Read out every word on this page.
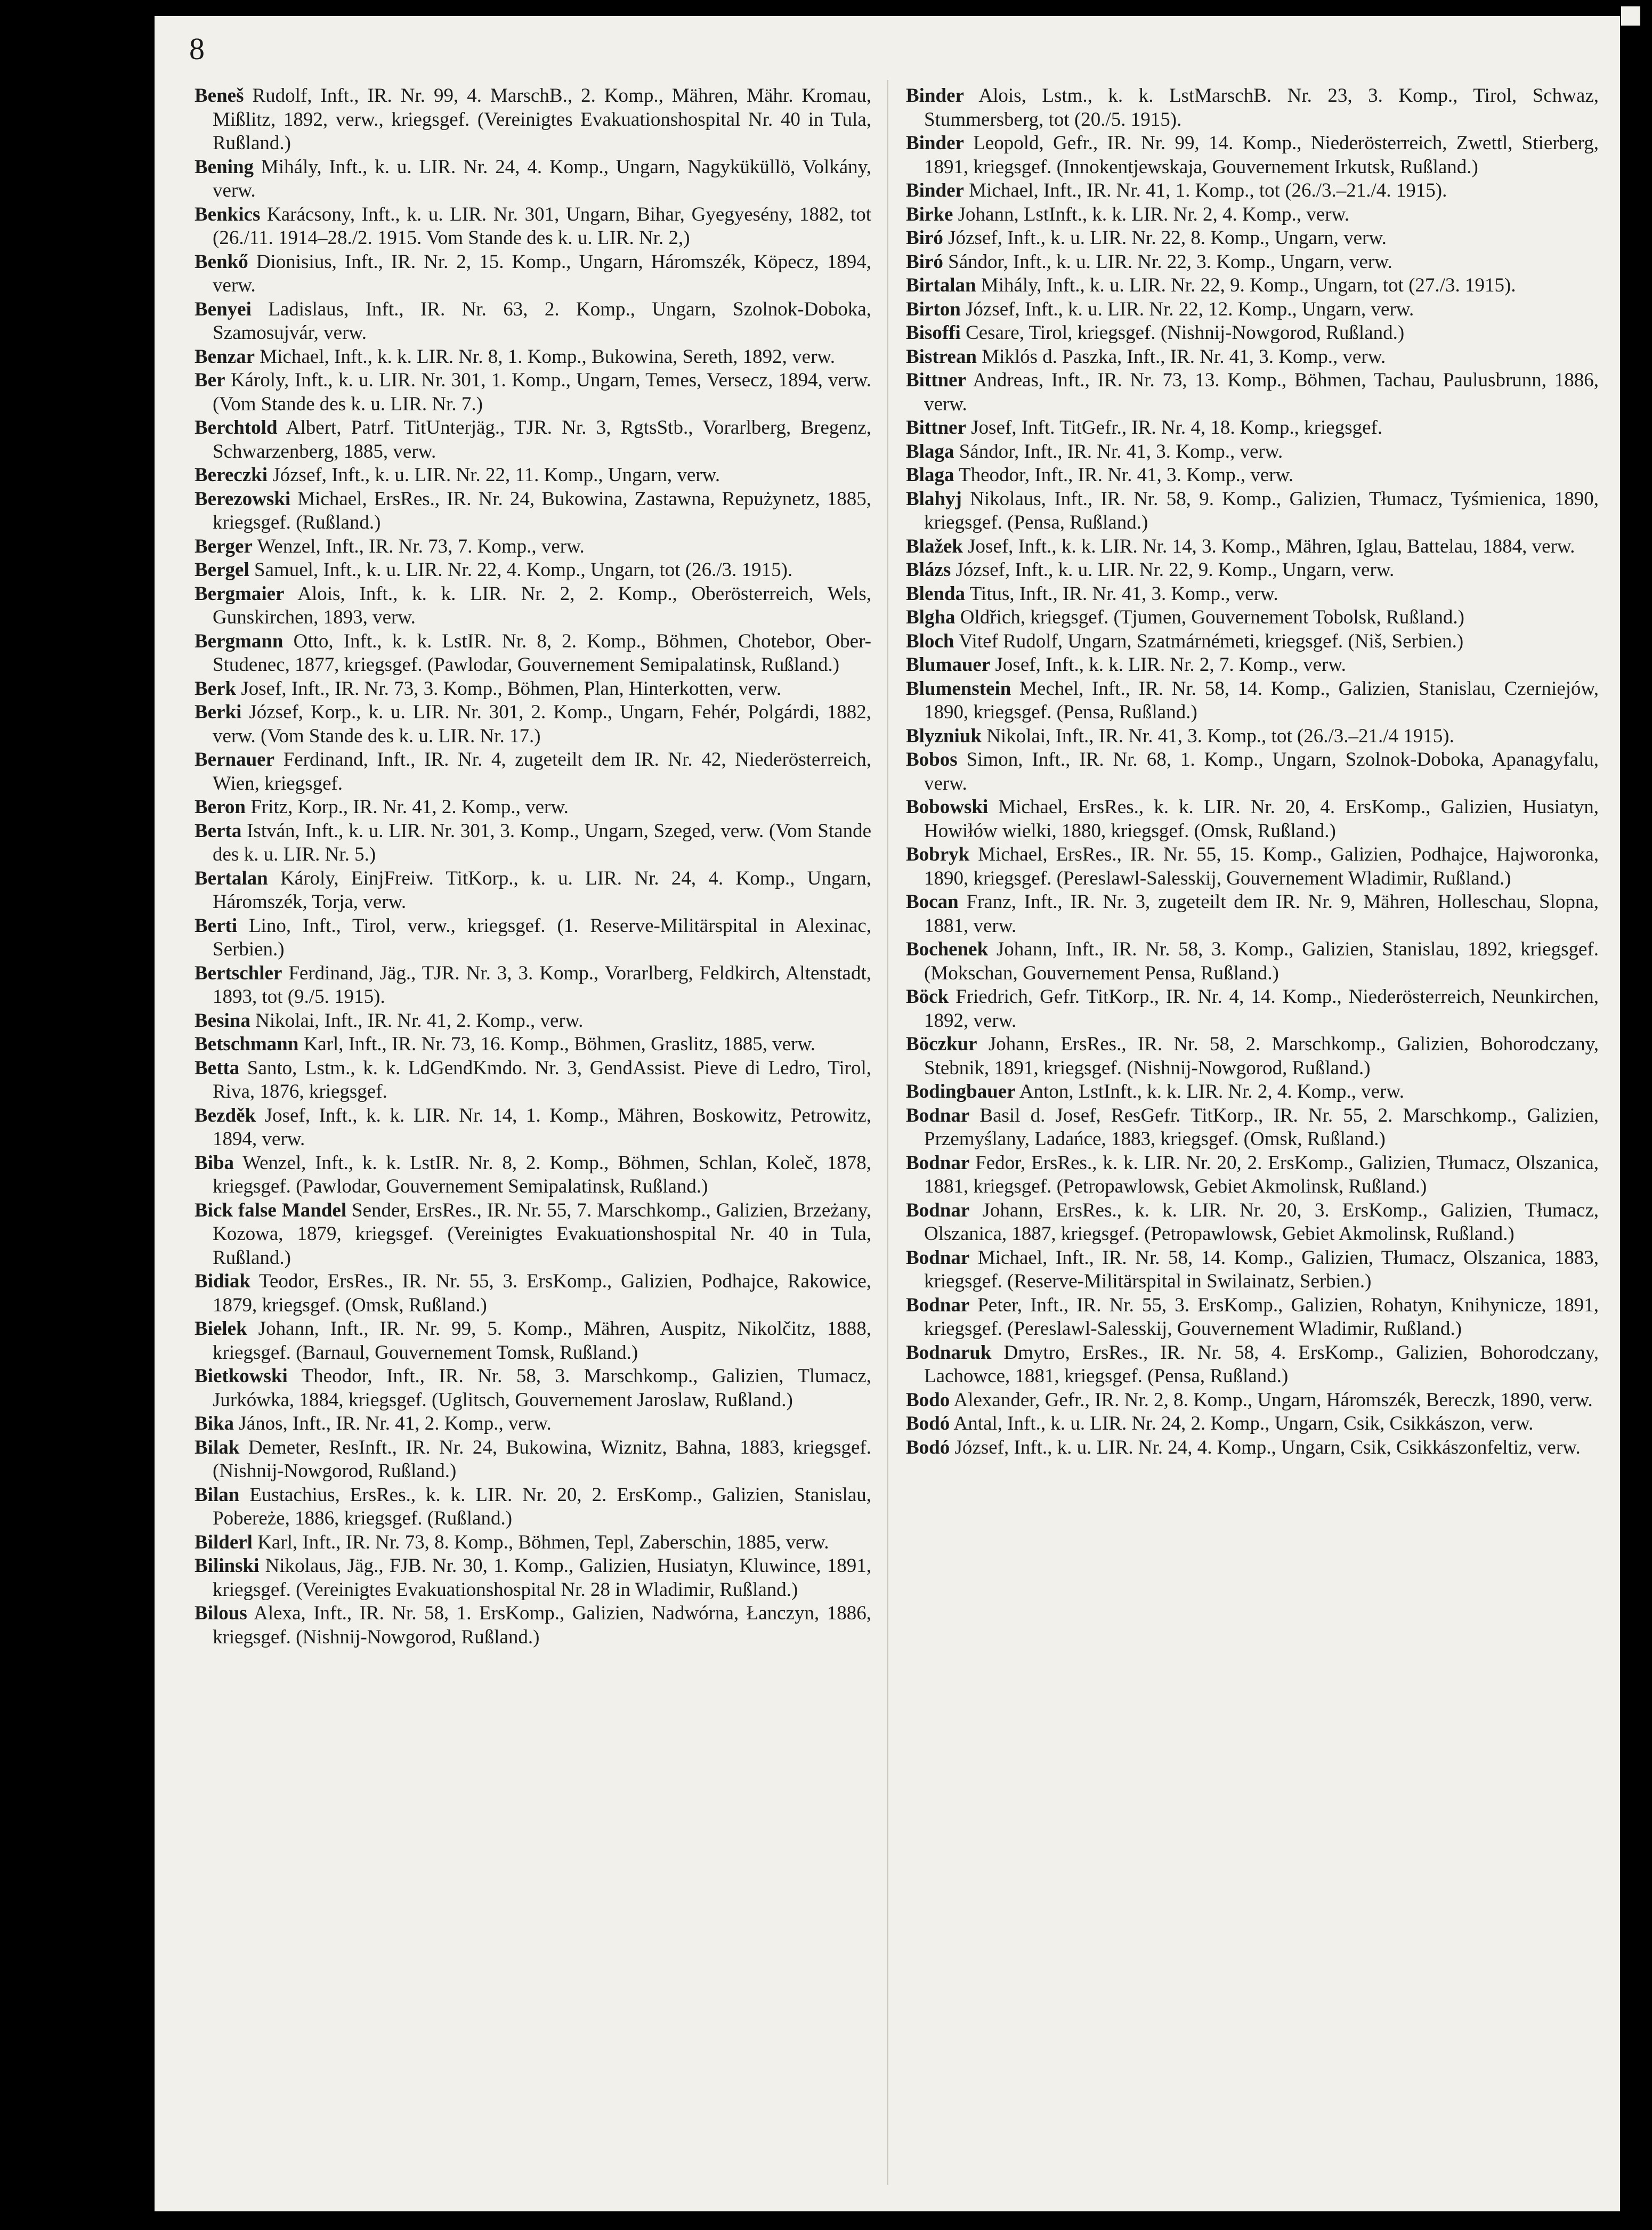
8

Beneš Rudolf, Inft., IR. Nr. 99, 4. MarschB., 2. Komp., Mähren, Mähr. Kromau, Mißlitz, 1892, verw., kriegsgef. (Vereinigtes Evakuationshospital Nr. 40 in Tula, Rußland.)

Bening Mihály, Inft., k. u. LIR. Nr. 24, 4. Komp., Ungarn, Nagyküküllö, Volkány, verw.

Benkics Karácsony, Inft., k. u. LIR. Nr. 301, Ungarn, Bihar, Gyegyesény, 1882, tot (26./11. 1914–28./2. 1915. Vom Stande des k. u. LIR. Nr. 2,)

Benkő Dionisius, Inft., IR. Nr. 2, 15. Komp., Ungarn, Háromszék, Köpecz, 1894, verw.

Benyei Ladislaus, Inft., IR. Nr. 63, 2. Komp., Ungarn, Szolnok-Doboka, Szamosujvár, verw.

Benzar Michael, Inft., k. k. LIR. Nr. 8, 1. Komp., Bukowina, Sereth, 1892, verw.

Ber Károly, Inft., k. u. LIR. Nr. 301, 1. Komp., Ungarn, Temes, Versecz, 1894, verw. (Vom Stande des k. u. LIR. Nr. 7.)

Berchtold Albert, Patrf. TitUnterjäg., TJR. Nr. 3, RgtsStb., Vorarlberg, Bregenz, Schwarzenberg, 1885, verw.

Bereczki József, Inft., k. u. LIR. Nr. 22, 11. Komp., Ungarn, verw.

Berezowski Michael, ErsRes., IR. Nr. 24, Bukowina, Zastawna, Repużynetz, 1885, kriegsgef. (Rußland.)

Berger Wenzel, Inft., IR. Nr. 73, 7. Komp., verw.

Bergel Samuel, Inft., k. u. LIR. Nr. 22, 4. Komp., Ungarn, tot (26./3. 1915).

Bergmaier Alois, Inft., k. k. LIR. Nr. 2, 2. Komp., Oberösterreich, Wels, Gunskirchen, 1893, verw.

Bergmann Otto, Inft., k. k. LstIR. Nr. 8, 2. Komp., Böhmen, Chotebor, Ober-Studenec, 1877, kriegsgef. (Pawlodar, Gouvernement Semipalatinsk, Rußland.)

Berk Josef, Inft., IR. Nr. 73, 3. Komp., Böhmen, Plan, Hinterkotten, verw.

Berki József, Korp., k. u. LIR. Nr. 301, 2. Komp., Ungarn, Fehér, Polgárdi, 1882, verw. (Vom Stande des k. u. LIR. Nr. 17.)

Bernauer Ferdinand, Inft., IR. Nr. 4, zugeteilt dem IR. Nr. 42, Niederösterreich, Wien, kriegsgef.

Beron Fritz, Korp., IR. Nr. 41, 2. Komp., verw.

Berta István, Inft., k. u. LIR. Nr. 301, 3. Komp., Ungarn, Szeged, verw. (Vom Stande des k. u. LIR. Nr. 5.)

Bertalan Károly, EinjFreiw. TitKorp., k. u. LIR. Nr. 24, 4. Komp., Ungarn, Háromszék, Torja, verw.

Berti Lino, Inft., Tirol, verw., kriegsgef. (1. Reserve-Militärspital in Alexinac, Serbien.)

Bertschler Ferdinand, Jäg., TJR. Nr. 3, 3. Komp., Vorarlberg, Feldkirch, Altenstadt, 1893, tot (9./5. 1915).

Besina Nikolai, Inft., IR. Nr. 41, 2. Komp., verw.

Betschmann Karl, Inft., IR. Nr. 73, 16. Komp., Böhmen, Graslitz, 1885, verw.

Betta Santo, Lstm., k. k. LdGendKmdo. Nr. 3, GendAssist. Pieve di Ledro, Tirol, Riva, 1876, kriegsgef.

Bezděk Josef, Inft., k. k. LIR. Nr. 14, 1. Komp., Mähren, Boskowitz, Petrowitz, 1894, verw.

Biba Wenzel, Inft., k. k. LstIR. Nr. 8, 2. Komp., Böhmen, Schlan, Koleč, 1878, kriegsgef. (Pawlodar, Gouvernement Semipalatinsk, Rußland.)

Bick false Mandel Sender, ErsRes., IR. Nr. 55, 7. Marschkomp., Galizien, Brzeżany, Kozowa, 1879, kriegsgef. (Vereinigtes Evakuationshospital Nr. 40 in Tula, Rußland.)

Bidiak Teodor, ErsRes., IR. Nr. 55, 3. ErsKomp., Galizien, Podhajce, Rakowice, 1879, kriegsgef. (Omsk, Rußland.)

Bielek Johann, Inft., IR. Nr. 99, 5. Komp., Mähren, Auspitz, Nikolčitz, 1888, kriegsgef. (Barnaul, Gouvernement Tomsk, Rußland.)

Bietkowski Theodor, Inft., IR. Nr. 58, 3. Marschkomp., Galizien, Tlumacz, Jurkówka, 1884, kriegsgef. (Uglitsch, Gouvernement Jaroslaw, Rußland.)

Bika János, Inft., IR. Nr. 41, 2. Komp., verw.

Bilak Demeter, ResInft., IR. Nr. 24, Bukowina, Wiznitz, Bahna, 1883, kriegsgef. (Nishnij-Nowgorod, Rußland.)

Bilan Eustachius, ErsRes., k. k. LIR. Nr. 20, 2. ErsKomp., Galizien, Stanislau, Pobereże, 1886, kriegsgef. (Rußland.)

Bilderl Karl, Inft., IR. Nr. 73, 8. Komp., Böhmen, Tepl, Zaberschin, 1885, verw.

Bilinski Nikolaus, Jäg., FJB. Nr. 30, 1. Komp., Galizien, Husiatyn, Kluwince, 1891, kriegsgef. (Vereinigtes Evakuationshospital Nr. 28 in Wladimir, Rußland.)

Bilous Alexa, Inft., IR. Nr. 58, 1. ErsKomp., Galizien, Nadwórna, Łanczyn, 1886, kriegsgef. (Nishnij-Nowgorod, Rußland.)

Binder Alois, Lstm., k. k. LstMarschB. Nr. 23, 3. Komp., Tirol, Schwaz, Stummersberg, tot (20./5. 1915).

Binder Leopold, Gefr., IR. Nr. 99, 14. Komp., Niederösterreich, Zwettl, Stierberg, 1891, kriegsgef. (Innokentjewskaja, Gouvernement Irkutsk, Rußland.)

Binder Michael, Inft., IR. Nr. 41, 1. Komp., tot (26./3.–21./4. 1915).

Birke Johann, LstInft., k. k. LIR. Nr. 2, 4. Komp., verw.

Biró József, Inft., k. u. LIR. Nr. 22, 8. Komp., Ungarn, verw.

Biró Sándor, Inft., k. u. LIR. Nr. 22, 3. Komp., Ungarn, verw.

Birtalan Mihály, Inft., k. u. LIR. Nr. 22, 9. Komp., Ungarn, tot (27./3. 1915).

Birton József, Inft., k. u. LIR. Nr. 22, 12. Komp., Ungarn, verw.

Bisoffi Cesare, Tirol, kriegsgef. (Nishnij-Nowgorod, Rußland.)

Bistrean Miklós d. Paszka, Inft., IR. Nr. 41, 3. Komp., verw.

Bittner Andreas, Inft., IR. Nr. 73, 13. Komp., Böhmen, Tachau, Paulusbrunn, 1886, verw.

Bittner Josef, Inft. TitGefr., IR. Nr. 4, 18. Komp., kriegsgef.

Blaga Sándor, Inft., IR. Nr. 41, 3. Komp., verw.

Blaga Theodor, Inft., IR. Nr. 41, 3. Komp., verw.

Blahyj Nikolaus, Inft., IR. Nr. 58, 9. Komp., Galizien, Tłumacz, Tyśmienica, 1890, kriegsgef. (Pensa, Rußland.)

Blažek Josef, Inft., k. k. LIR. Nr. 14, 3. Komp., Mähren, Iglau, Battelau, 1884, verw.

Blázs József, Inft., k. u. LIR. Nr. 22, 9. Komp., Ungarn, verw.

Blenda Titus, Inft., IR. Nr. 41, 3. Komp., verw.

Blgha Oldřich, kriegsgef. (Tjumen, Gouvernement Tobolsk, Rußland.)

Bloch Vitef Rudolf, Ungarn, Szatmárnémeti, kriegsgef. (Niš, Serbien.)

Blumauer Josef, Inft., k. k. LIR. Nr. 2, 7. Komp., verw.

Blumenstein Mechel, Inft., IR. Nr. 58, 14. Komp., Galizien, Stanislau, Czerniejów, 1890, kriegsgef. (Pensa, Rußland.)

Blyzniuk Nikolai, Inft., IR. Nr. 41, 3. Komp., tot (26./3.–21./4 1915).

Bobos Simon, Inft., IR. Nr. 68, 1. Komp., Ungarn, Szolnok-Doboka, Apanagyfalu, verw.

Bobowski Michael, ErsRes., k. k. LIR. Nr. 20, 4. ErsKomp., Galizien, Husiatyn, Howiłów wielki, 1880, kriegsgef. (Omsk, Rußland.)

Bobryk Michael, ErsRes., IR. Nr. 55, 15. Komp., Galizien, Podhajce, Hajworonka, 1890, kriegsgef. (Pereslawl-Salesskij, Gouvernement Wladimir, Rußland.)

Bocan Franz, Inft., IR. Nr. 3, zugeteilt dem IR. Nr. 9, Mähren, Holleschau, Slopna, 1881, verw.

Bochenek Johann, Inft., IR. Nr. 58, 3. Komp., Galizien, Stanislau, 1892, kriegsgef. (Mokschan, Gouvernement Pensa, Rußland.)

Böck Friedrich, Gefr. TitKorp., IR. Nr. 4, 14. Komp., Niederösterreich, Neunkirchen, 1892, verw.

Böczkur Johann, ErsRes., IR. Nr. 58, 2. Marschkomp., Galizien, Bohorodczany, Stebnik, 1891, kriegsgef. (Nishnij-Nowgorod, Rußland.)

Bodingbauer Anton, LstInft., k. k. LIR. Nr. 2, 4. Komp., verw.

Bodnar Basil d. Josef, ResGefr. TitKorp., IR. Nr. 55, 2. Marschkomp., Galizien, Przemyślany, Ladańce, 1883, kriegsgef. (Omsk, Rußland.)

Bodnar Fedor, ErsRes., k. k. LIR. Nr. 20, 2. ErsKomp., Galizien, Tłumacz, Olszanica, 1881, kriegsgef. (Petropawlowsk, Gebiet Akmolinsk, Rußland.)

Bodnar Johann, ErsRes., k. k. LIR. Nr. 20, 3. ErsKomp., Galizien, Tłumacz, Olszanica, 1887, kriegsgef. (Petropawlowsk, Gebiet Akmolinsk, Rußland.)

Bodnar Michael, Inft., IR. Nr. 58, 14. Komp., Galizien, Tłumacz, Olszanica, 1883, kriegsgef. (Reserve-Militärspital in Swilainatz, Serbien.)

Bodnar Peter, Inft., IR. Nr. 55, 3. ErsKomp., Galizien, Rohatyn, Knihynicze, 1891, kriegsgef. (Pereslawl-Salesskij, Gouvernement Wladimir, Rußland.)

Bodnaruk Dmytro, ErsRes., IR. Nr. 58, 4. ErsKomp., Galizien, Bohorodczany, Lachowce, 1881, kriegsgef. (Pensa, Rußland.)

Bodo Alexander, Gefr., IR. Nr. 2, 8. Komp., Ungarn, Háromszék, Bereczk, 1890, verw.

Bodó Antal, Inft., k. u. LIR. Nr. 24, 2. Komp., Ungarn, Csik, Csikkászon, verw.

Bodó József, Inft., k. u. LIR. Nr. 24, 4. Komp., Ungarn, Csik, Csikkászonfeltiz, verw.
